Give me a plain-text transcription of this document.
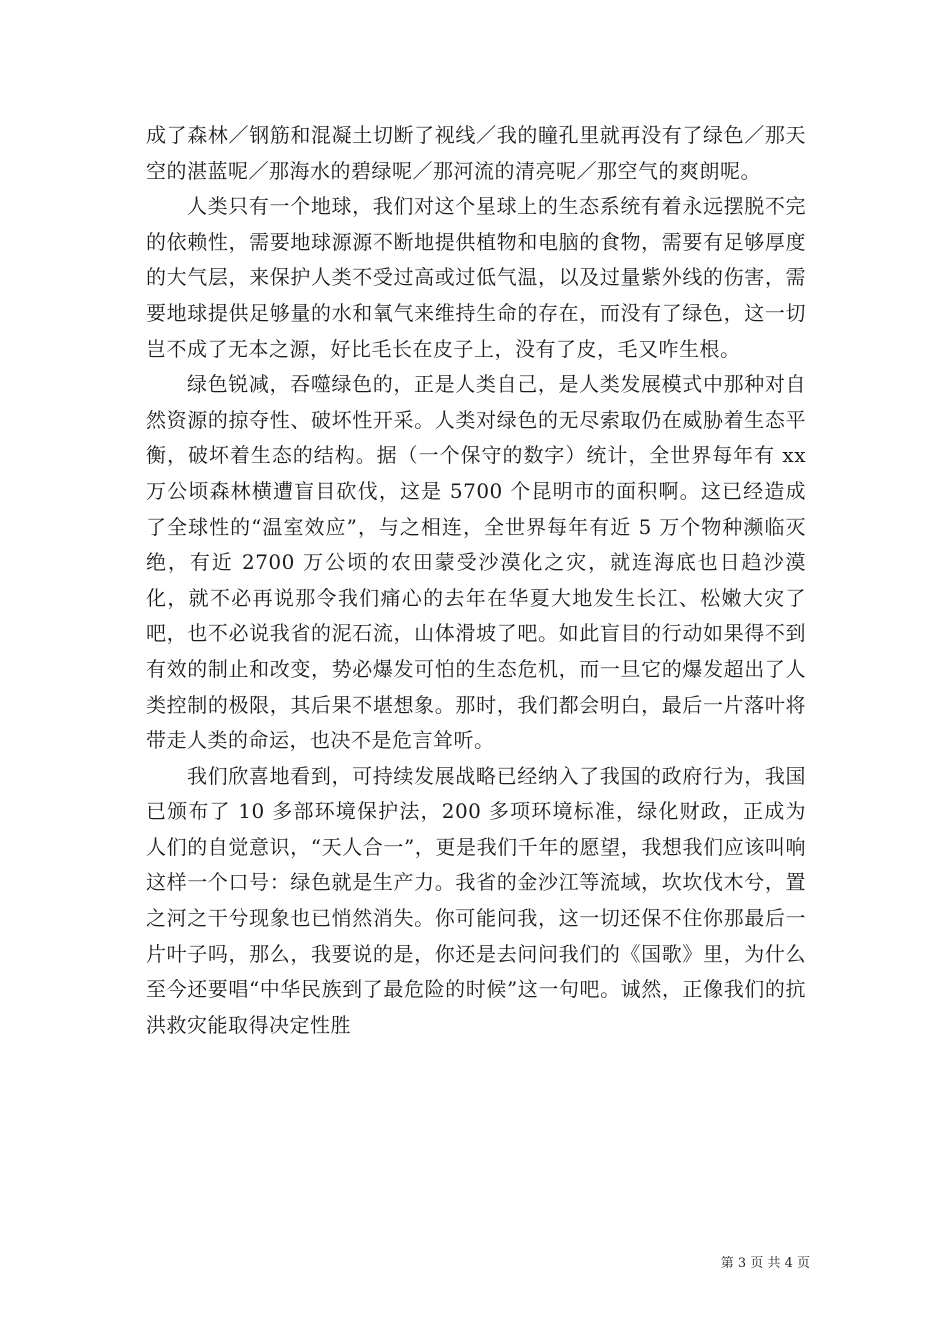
成了森林／钢筋和混凝土切断了视线／我的瞳孔里就再没有了绿色／那天空的湛蓝呢／那海水的碧绿呢／那河流的清亮呢／那空气的爽朗呢。

人类只有一个地球，我们对这个星球上的生态系统有着永远摆脱不完的依赖性，需要地球源源不断地提供植物和电脑的食物，需要有足够厚度的大气层，来保护人类不受过高或过低气温，以及过量紫外线的伤害，需要地球提供足够量的水和氧气来维持生命的存在，而没有了绿色，这一切岂不成了无本之源，好比毛长在皮子上，没有了皮，毛又咋生根。

绿色锐减，吞噬绿色的，正是人类自己，是人类发展模式中那种对自然资源的掠夺性、破坏性开采。人类对绿色的无尽索取仍在威胁着生态平衡，破坏着生态的结构。据（一个保守的数字）统计，全世界每年有 xx 万公顷森林横遭盲目砍伐，这是 5700 个昆明市的面积啊。这已经造成了全球性的“温室效应”，与之相连，全世界每年有近 5 万个物种濒临灭绝，有近 2700 万公顷的农田蒙受沙漠化之灾，就连海底也日趋沙漠化，就不必再说那令我们痛心的去年在华夏大地发生长江、松嫩大灾了吧，也不必说我省的泥石流，山体滑坡了吧。如此盲目的行动如果得不到有效的制止和改变，势必爆发可怕的生态危机，而一旦它的爆发超出了人类控制的极限，其后果不堪想象。那时，我们都会明白，最后一片落叶将带走人类的命运，也决不是危言耸听。

我们欣喜地看到，可持续发展战略已经纳入了我国的政府行为，我国已颁布了 10 多部环境保护法，200 多项环境标准，绿化财政，正成为人们的自觉意识，“天人合一”，更是我们千年的愿望，我想我们应该叫响这样一个口号：绿色就是生产力。我省的金沙江等流域，坎坎伐木兮，置之河之干兮现象也已悄然消失。你可能问我，这一切还保不住你那最后一片叶子吗，那么，我要说的是，你还是去问问我们的《国歌》里，为什么至今还要唱“中华民族到了最危险的时候”这一句吧。诚然，正像我们的抗洪救灾能取得决定性胜

第 3 页 共 4 页
